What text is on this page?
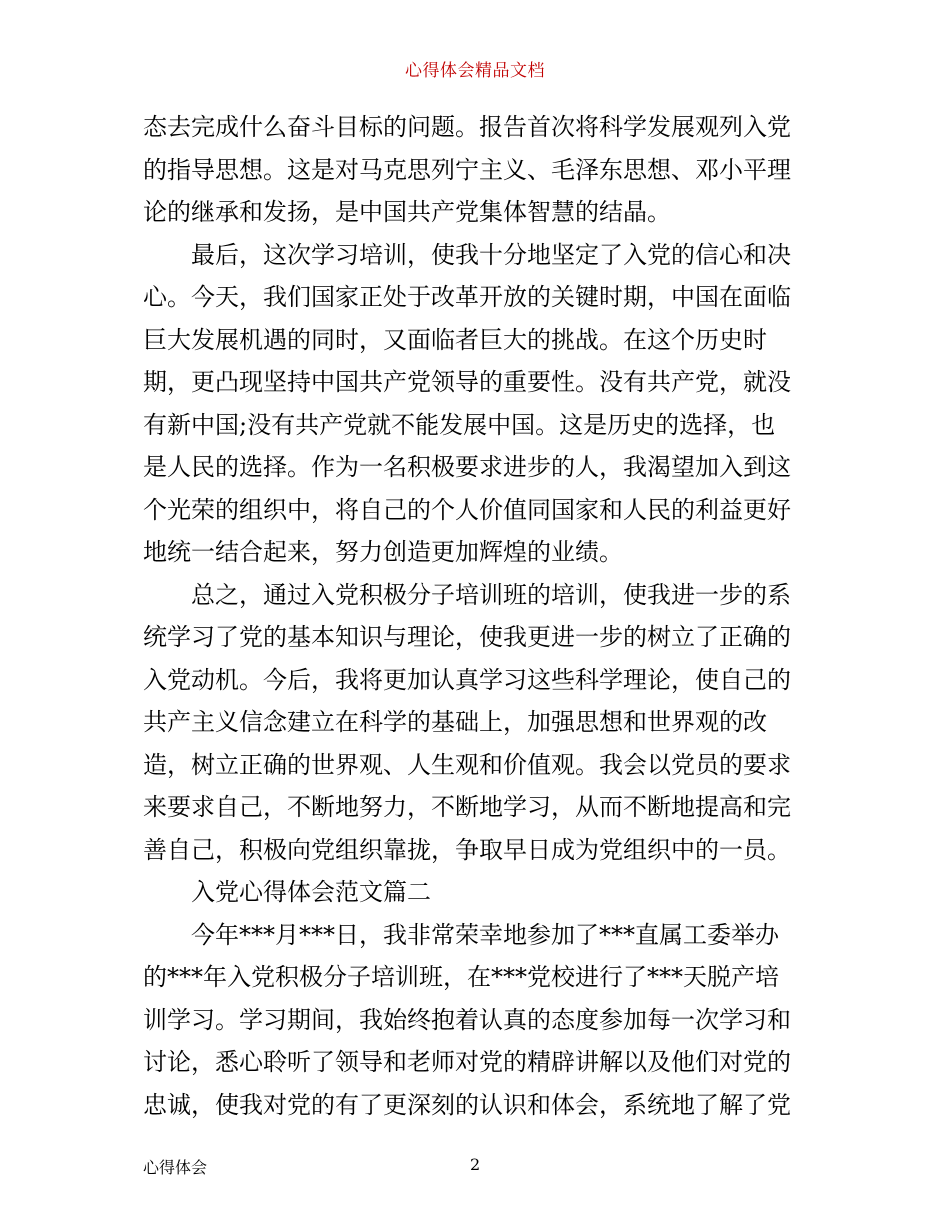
心得体会精品文档

态去完成什么奋斗目标的问题。报告首次将科学发展观列入党
的指导思想。这是对马克思列宁主义、毛泽东思想、邓小平理
论的继承和发扬，是中国共产党集体智慧的结晶。

最后，这次学习培训，使我十分地坚定了入党的信心和决
心。今天，我们国家正处于改革开放的关键时期，中国在面临
巨大发展机遇的同时，又面临者巨大的挑战。在这个历史时
期，更凸现坚持中国共产党领导的重要性。没有共产党，就没
有新中国;没有共产党就不能发展中国。这是历史的选择，也
是人民的选择。作为一名积极要求进步的人，我渴望加入到这
个光荣的组织中，将自己的个人价值同国家和人民的利益更好
地统一结合起来，努力创造更加辉煌的业绩。

总之，通过入党积极分子培训班的培训，使我进一步的系
统学习了党的基本知识与理论，使我更进一步的树立了正确的
入党动机。今后，我将更加认真学习这些科学理论，使自己的
共产主义信念建立在科学的基础上，加强思想和世界观的改
造，树立正确的世界观、人生观和价值观。我会以党员的要求
来要求自己，不断地努力，不断地学习，从而不断地提高和完
善自己，积极向党组织靠拢，争取早日成为党组织中的一员。

入党心得体会范文篇二

今年***月***日，我非常荣幸地参加了***直属工委举办
的***年入党积极分子培训班，在***党校进行了***天脱产培
训学习。学习期间，我始终抱着认真的态度参加每一次学习和
讨论，悉心聆听了领导和老师对党的精辟讲解以及他们对党的
忠诚，使我对党的有了更深刻的认识和体会，系统地了解了党

心得体会	2
